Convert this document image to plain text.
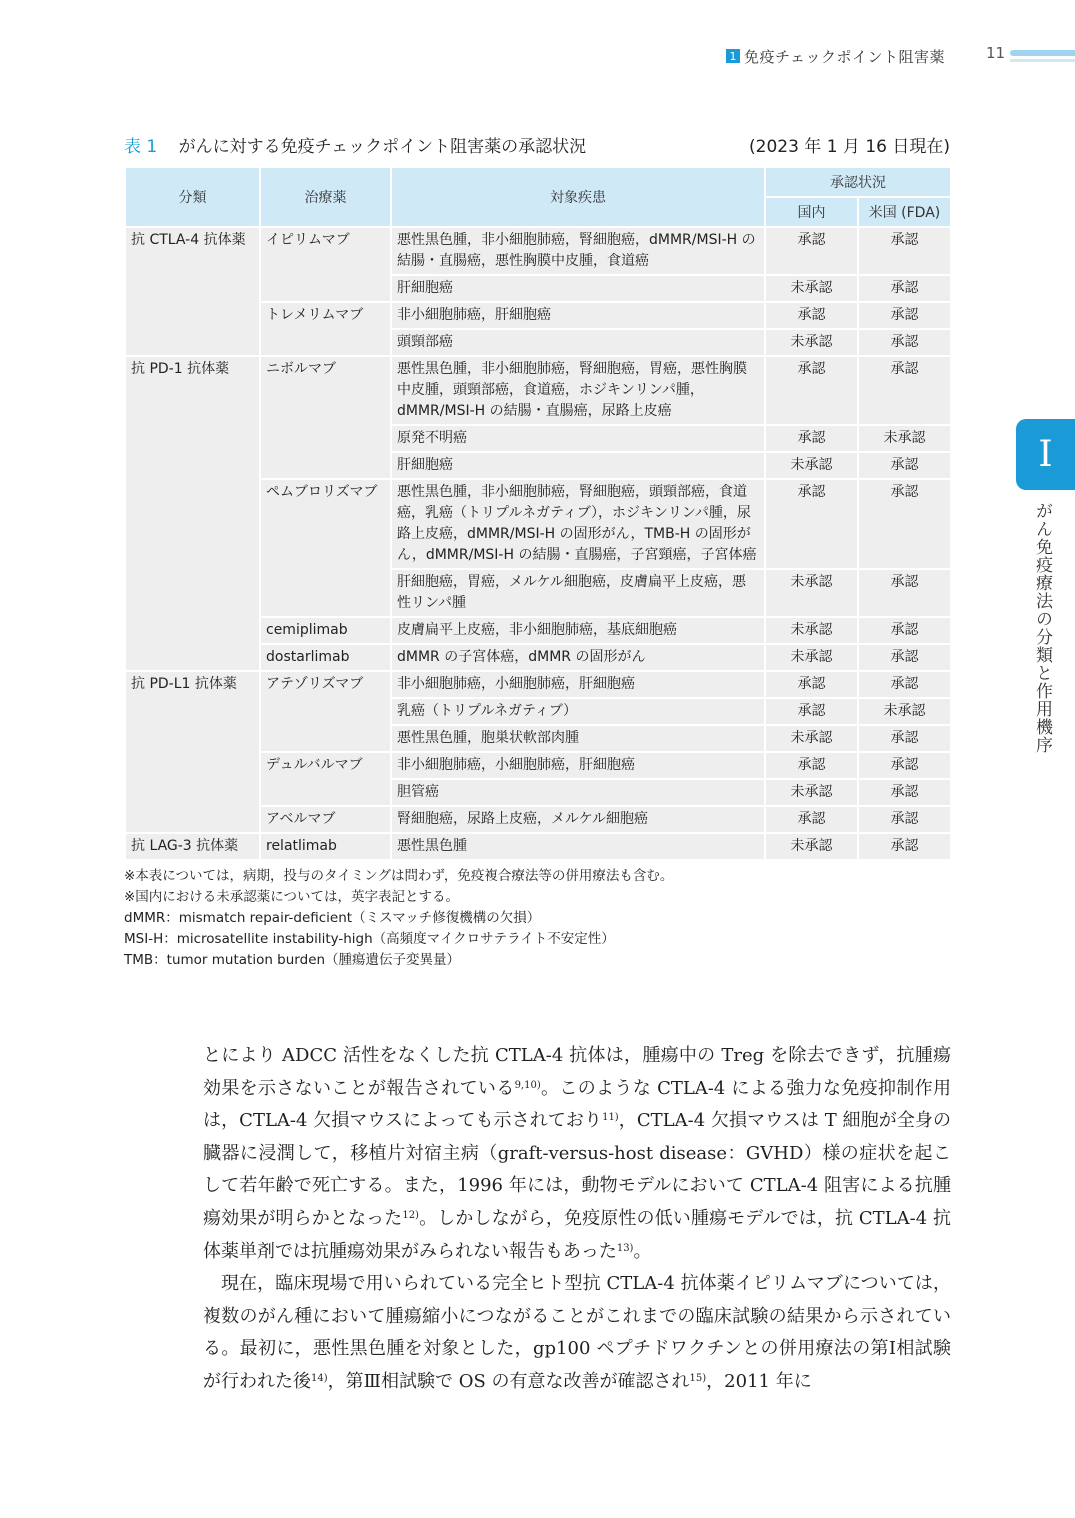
1 免疫チェックポイント阻害薬	11
I
がん免疫療法の分類と作用機序
表 1 がんに対する免疫チェックポイント阻害薬の承認状況	(2023 年 1 月 16 日現在)
分類	治療薬	対象疾患	承認状況	
			国内	米国 (FDA)
抗 CTLA-4 抗体薬	イピリムマブ	悪性黒色腫，非小細胞肺癌，腎細胞癌，dMMR/MSI-H の結腸・直腸癌，悪性胸膜中皮腫，食道癌	承認	承認
		肝細胞癌	未承認	承認
	トレメリムマブ	非小細胞肺癌，肝細胞癌	承認	承認
		頭頸部癌	未承認	承認
抗 PD-1 抗体薬	ニボルマブ	悪性黒色腫，非小細胞肺癌，腎細胞癌，胃癌，悪性胸膜中皮腫，頭頸部癌，食道癌，ホジキンリンパ腫，dMMR/MSI-H の結腸・直腸癌，尿路上皮癌	承認	承認
		原発不明癌	承認	未承認
		肝細胞癌	未承認	承認
	ペムブロリズマブ	悪性黒色腫，非小細胞肺癌，腎細胞癌，頭頸部癌，食道癌，乳癌（トリプルネガティブ），ホジキンリンパ腫，尿路上皮癌，dMMR/MSI-H の固形がん，TMB-H の固形がん，dMMR/MSI-H の結腸・直腸癌，子宮頸癌，子宮体癌	承認	承認
		肝細胞癌，胃癌，メルケル細胞癌，皮膚扁平上皮癌，悪性リンパ腫	未承認	承認
	cemiplimab	皮膚扁平上皮癌，非小細胞肺癌，基底細胞癌	未承認	承認
	dostarlimab	dMMR の子宮体癌，dMMR の固形がん	未承認	承認
抗 PD-L1 抗体薬	アテゾリズマブ	非小細胞肺癌，小細胞肺癌，肝細胞癌	承認	承認
		乳癌（トリプルネガティブ）	承認	未承認
		悪性黒色腫，胞巣状軟部肉腫	未承認	承認
	デュルバルマブ	非小細胞肺癌，小細胞肺癌，肝細胞癌	承認	承認
		胆管癌	未承認	承認
	アベルマブ	腎細胞癌，尿路上皮癌，メルケル細胞癌	承認	承認
抗 LAG-3 抗体薬	relatlimab	悪性黒色腫	未承認	承認
※本表については，病期，投与のタイミングは問わず，免疫複合療法等の併用療法も含む。
※国内における未承認薬については，英字表記とする。
dMMR：mismatch repair-deficient（ミスマッチ修復機構の欠損）
MSI-H：microsatellite instability-high（高頻度マイクロサテライト不安定性）
TMB：tumor mutation burden（腫瘍遺伝子変異量）

とにより ADCC 活性をなくした抗 CTLA-4 抗体は，腫瘍中の Treg を除去できず，抗腫瘍効果を示さないことが報告されている$^{9,10)}$。このような CTLA-4 による強力な免疫抑制作用は，CTLA-4 欠損マウスによっても示されており$^{11)}$，CTLA-4 欠損マウスは T 細胞が全身の臓器に浸潤して，移植片対宿主病（graft-versus-host disease：GVHD）様の症状を起こして若年齢で死亡する。また，1996 年には，動物モデルにおいて CTLA-4 阻害による抗腫瘍効果が明らかとなった$^{12)}$。しかしながら，免疫原性の低い腫瘍モデルでは，抗 CTLA-4 抗体薬単剤では抗腫瘍効果がみられない報告もあった$^{13)}$。

現在，臨床現場で用いられている完全ヒト型抗 CTLA-4 抗体薬イピリムマブについては，複数のがん種において腫瘍縮小につながることがこれまでの臨床試験の結果から示されている。最初に，悪性黒色腫を対象とした，gp100 ペプチドワクチンとの併用療法の第Ⅰ相試験が行われた後$^{14)}$，第Ⅲ相試験で OS の有意な改善が確認され$^{15)}$，2011 年に
